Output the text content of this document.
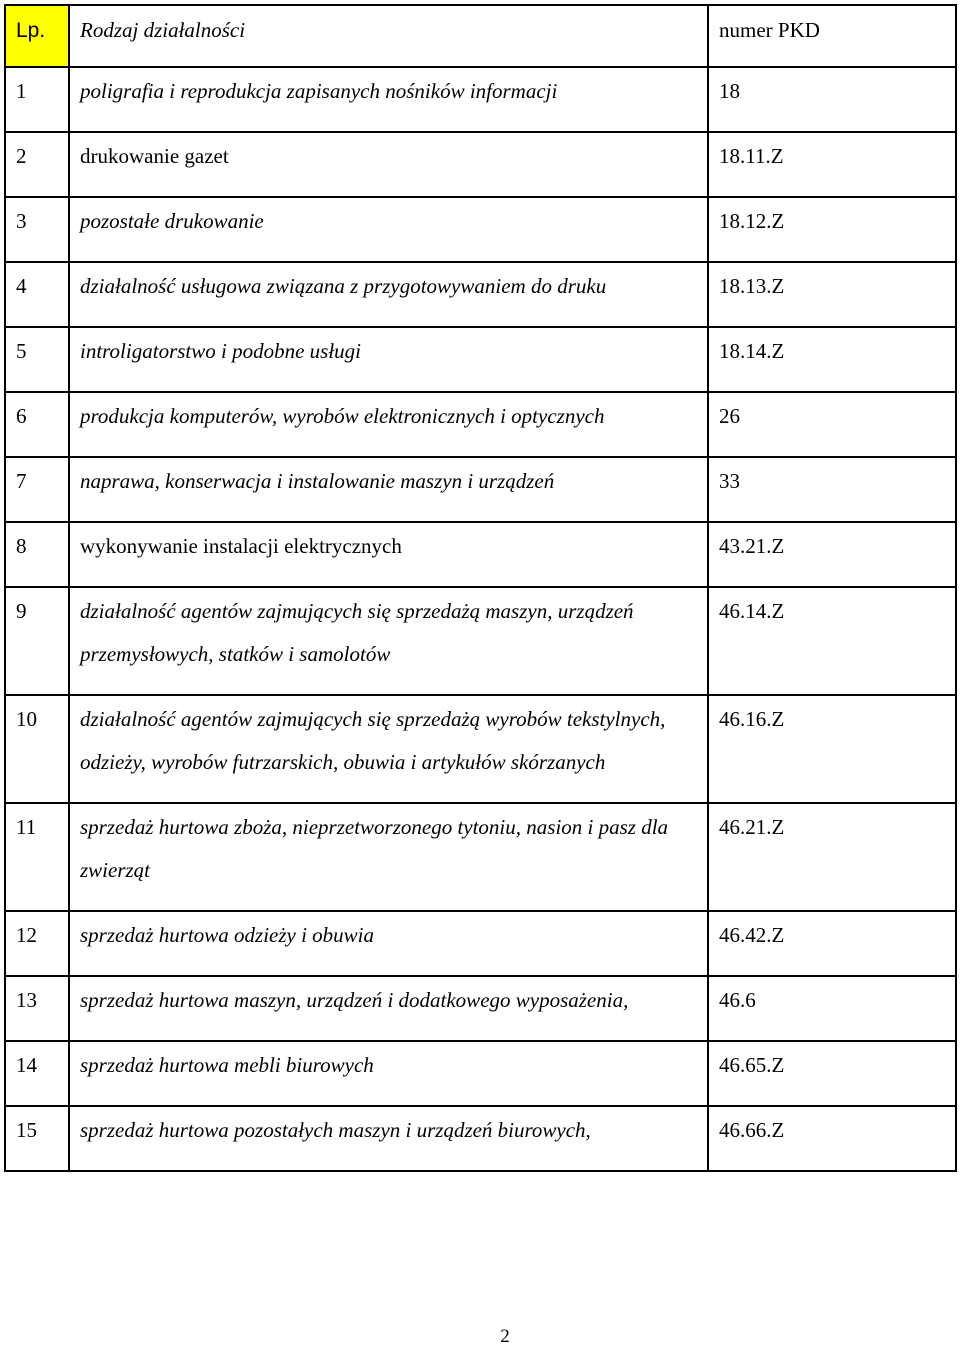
Lp.	Rodzaj działalności	numer PKD
1	poligrafia i reprodukcja zapisanych nośników informacji	18
2	drukowanie gazet	18.11.Z
3	pozostałe drukowanie	18.12.Z
4	działalność usługowa związana z przygotowywaniem do druku	18.13.Z
5	introligatorstwo i podobne usługi	18.14.Z
6	produkcja komputerów, wyrobów elektronicznych i optycznych	26
7	naprawa, konserwacja i instalowanie maszyn i urządzeń	33
8	wykonywanie instalacji elektrycznych	43.21.Z
9	działalność agentów zajmujących się sprzedażą maszyn, urządzeń przemysłowych, statków i samolotów	46.14.Z
10	działalność agentów zajmujących się sprzedażą wyrobów tekstylnych, odzieży, wyrobów futrzarskich, obuwia i artykułów skórzanych	46.16.Z
11	sprzedaż hurtowa zboża, nieprzetworzonego tytoniu, nasion i pasz dla zwierząt	46.21.Z
12	sprzedaż hurtowa odzieży i obuwia	46.42.Z
13	sprzedaż hurtowa maszyn, urządzeń i dodatkowego wyposażenia,	46.6
14	sprzedaż hurtowa mebli biurowych	46.65.Z
15	sprzedaż hurtowa pozostałych maszyn i urządzeń biurowych,	46.66.Z
2
